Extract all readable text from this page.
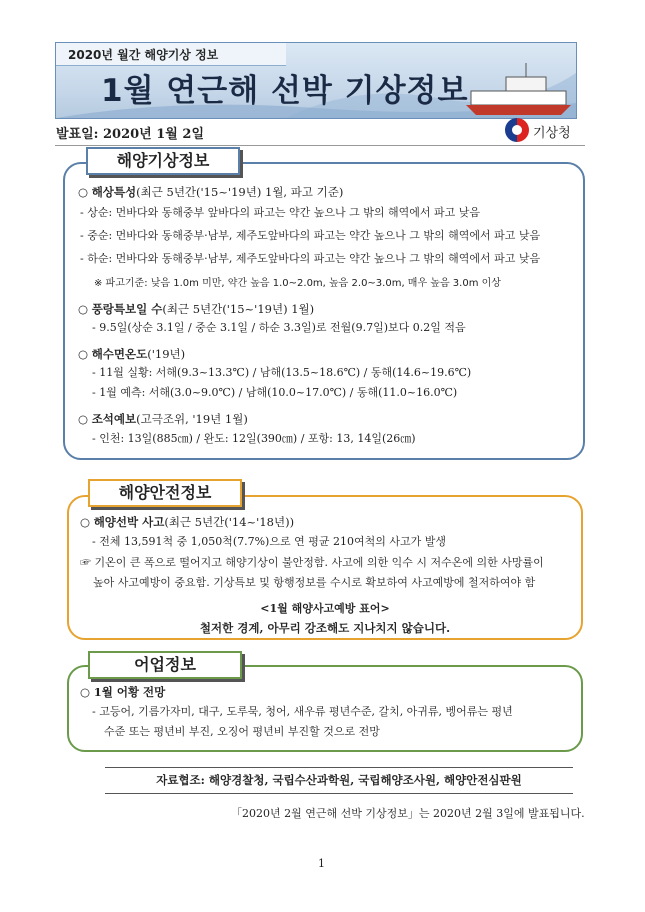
2020년 월간 해양기상 정보
1월 연근해 선박 기상정보
발표일: 2020년 1월 2일	기상청
해양기상정보
○ 해상특성(최근 5년간('15~'19년) 1월, 파고 기준)
- 상순: 먼바다와 동해중부 앞바다의 파고는 약간 높으나 그 밖의 해역에서 파고 낮음
- 중순: 먼바다와 동해중부·남부, 제주도앞바다의 파고는 약간 높으나 그 밖의 해역에서 파고 낮음
- 하순: 먼바다와 동해중부·남부, 제주도앞바다의 파고는 약간 높으나 그 밖의 해역에서 파고 낮음
※ 파고기준: 낮음 1.0m 미만, 약간 높음 1.0~2.0m, 높음 2.0~3.0m, 매우 높음 3.0m 이상
○ 풍랑특보일 수(최근 5년간('15~'19년) 1월)
- 9.5일(상순 3.1일 / 중순 3.1일 / 하순 3.3일)로 전월(9.7일)보다 0.2일 적음
○ 해수면온도('19년)
- 11월 실황: 서해(9.3~13.3℃) / 남해(13.5~18.6℃) / 동해(14.6~19.6℃)
- 1월 예측: 서해(3.0~9.0℃) / 남해(10.0~17.0℃) / 동해(11.0~16.0℃)
○ 조석예보(고극조위, '19년 1월)
- 인천: 13일(885㎝) / 완도: 12일(390㎝) / 포항: 13, 14일(26㎝)
해양안전정보
○ 해양선박 사고(최근 5년간('14~'18년))
- 전체 13,591척 중 1,050척(7.7%)으로 연 평균 210여척의 사고가 발생
☞ 기온이 큰 폭으로 떨어지고 해양기상이 불안정함. 사고에 의한 익수 시 저수온에 의한 사망률이
높아 사고예방이 중요함. 기상특보 및 항행정보를 수시로 확보하여 사고예방에 철저하여야 함
<1월 해양사고예방 표어>
철저한 경계, 아무리 강조해도 지나치지 않습니다.
어업정보
○ 1월 어황 전망
- 고등어, 기름가자미, 대구, 도루묵, 청어, 새우류 평년수준, 갈치, 아귀류, 벵어류는 평년
수준 또는 평년비 부진, 오징어 평년비 부진할 것으로 전망
자료협조: 해양경찰청, 국립수산과학원, 국립해양조사원, 해양안전심판원
「2020년 2월 연근해 선박 기상정보」는 2020년 2월 3일에 발표됩니다.
1
